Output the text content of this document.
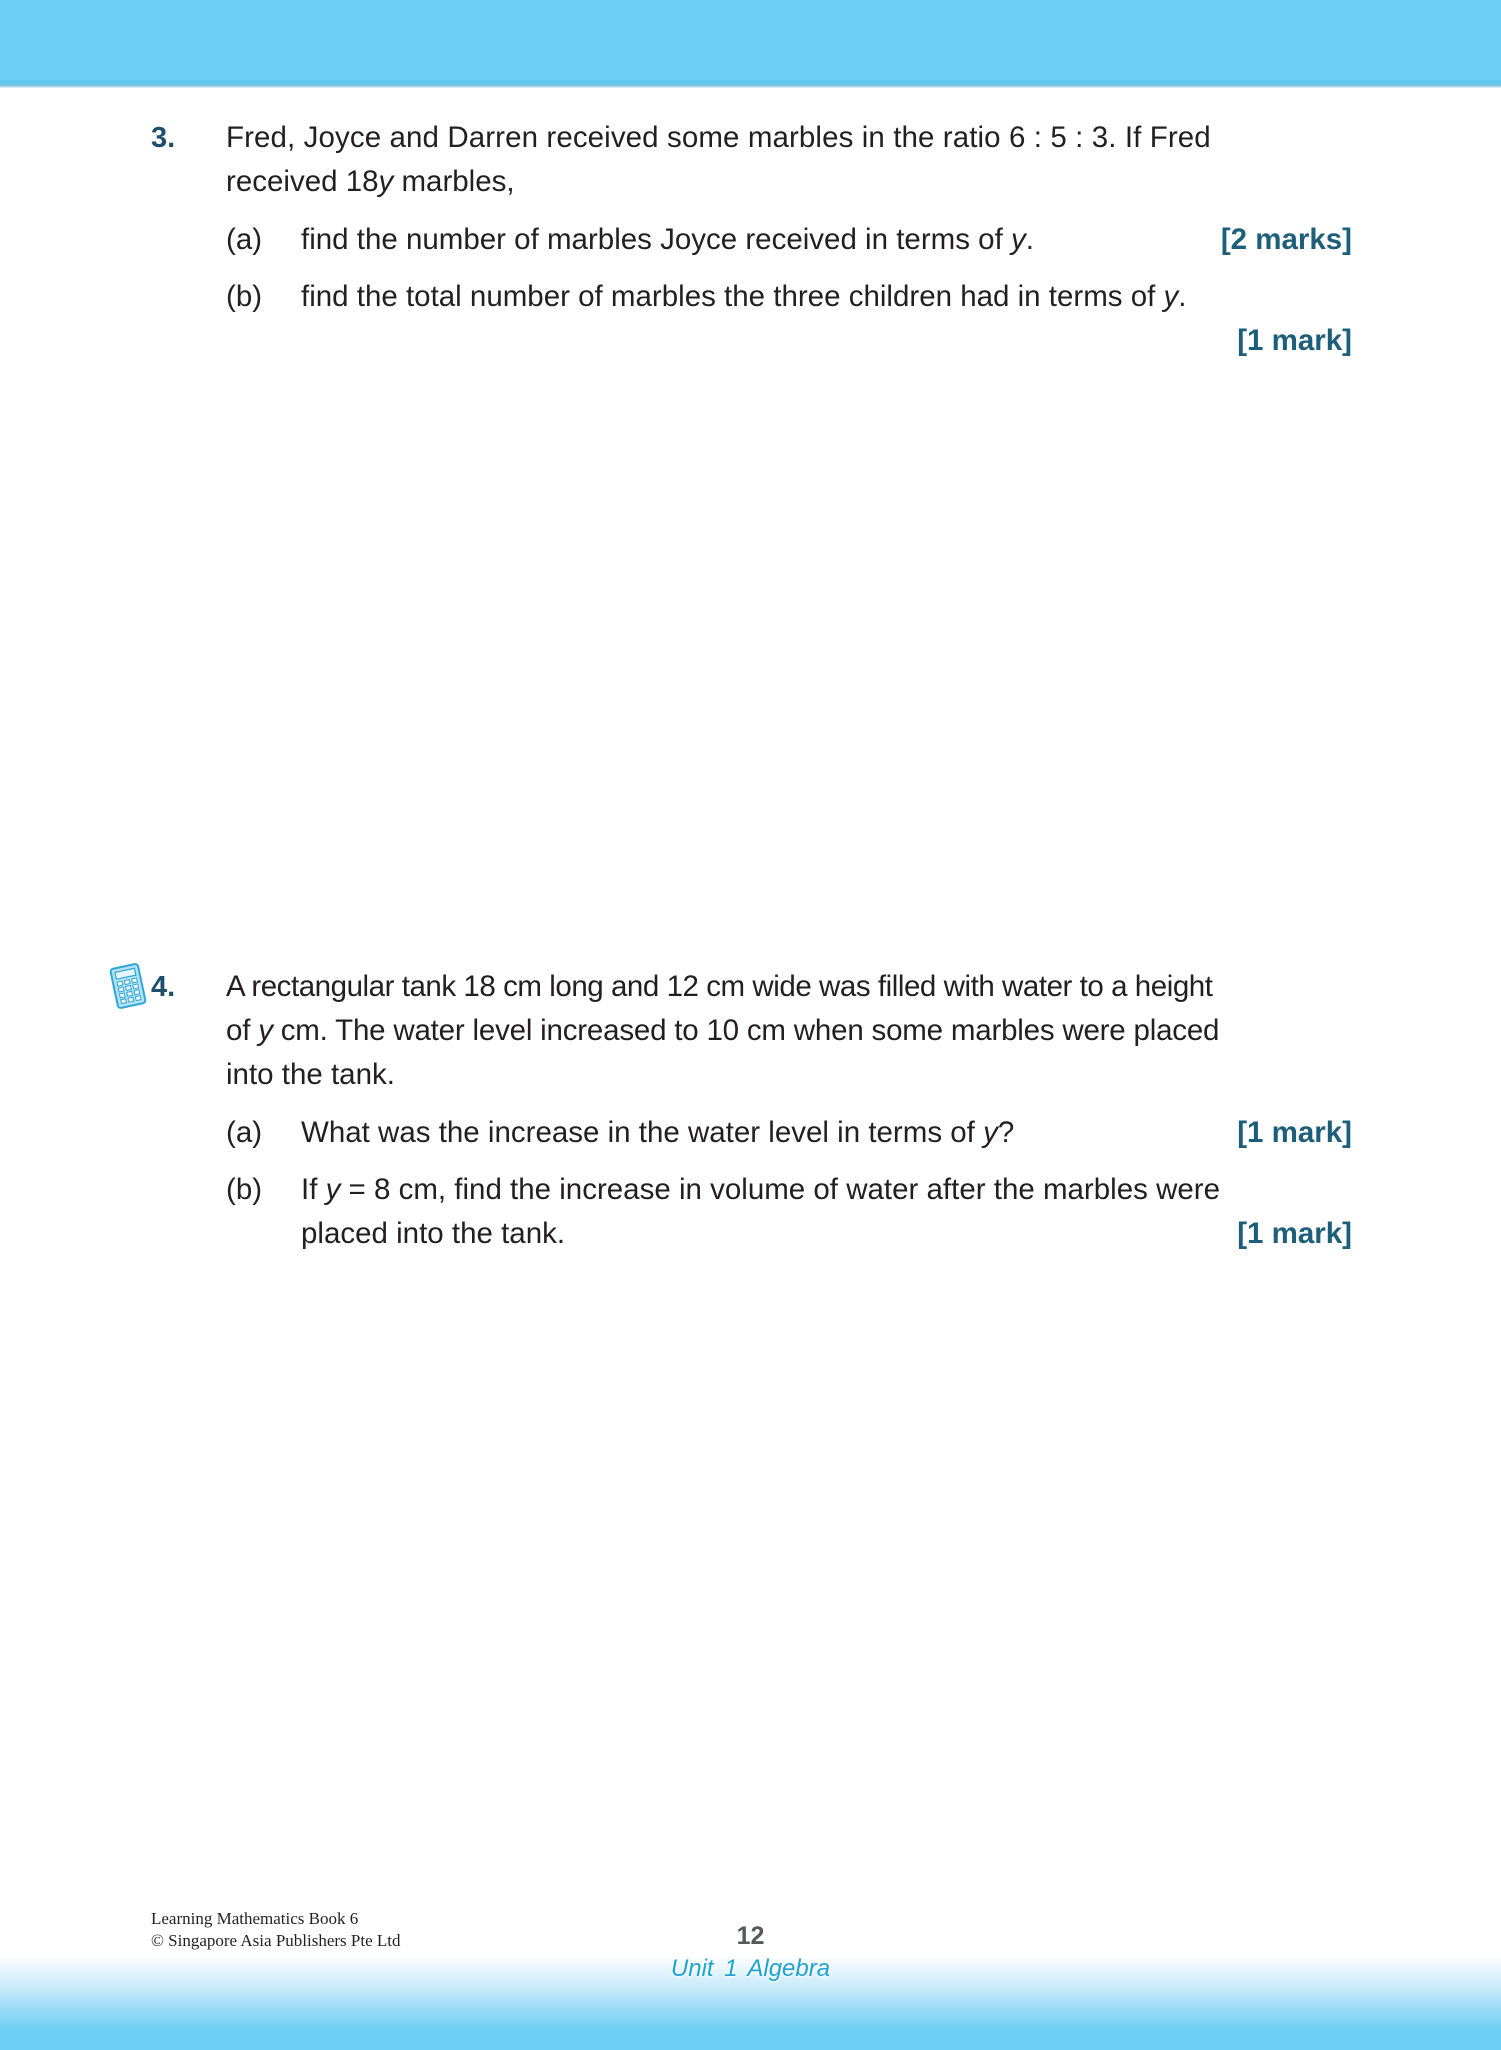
3. Fred, Joyce and Darren received some marbles in the ratio 6 : 5 : 3. If Fred
received 18y marbles,
(a) find the number of marbles Joyce received in terms of y.	[2 marks]
(b) find the total number of marbles the three children had in terms of y.
[1 mark]
4. A rectangular tank 18 cm long and 12 cm wide was filled with water to a height
of y cm. The water level increased to 10 cm when some marbles were placed
into the tank.
(a) What was the increase in the water level in terms of y?	[1 mark]
(b) If y = 8 cm, find the increase in volume of water after the marbles were
placed into the tank.	[1 mark]
Learning Mathematics Book 6
© Singapore Asia Publishers Pte Ltd	12
Unit 1 Algebra
